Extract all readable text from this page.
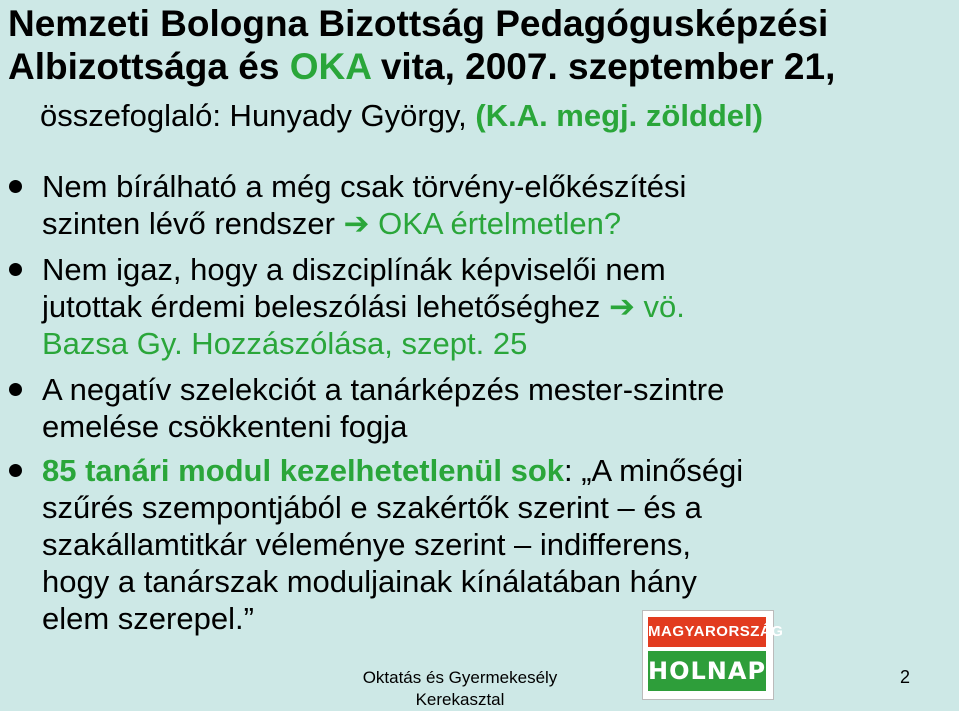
Nemzeti Bologna Bizottság Pedagógusképzési
Albizottsága és OKA vita, 2007. szeptember 21,
összefoglaló: Hunyady György, (K.A. megj. zölddel)
Nem bírálható a még csak törvény-előkészítési
szinten lévő rendszer ➔ OKA értelmetlen?
Nem igaz, hogy a diszciplínák képviselői nem
jutottak érdemi beleszólási lehetőséghez ➔ vö.
Bazsa Gy. Hozzászólása, szept. 25
A negatív szelekciót a tanárképzés mester-szintre
emelése csökkenteni fogja
85 tanári modul kezelhetetlenül sok: „A minőségi
szűrés szempontjából e szakértők szerint – és a
szakállamtitkár véleménye szerint – indifferens,
hogy a tanárszak moduljainak kínálatában hány
elem szerepel.”	MAGYARORSZÁG
HOLNAP
Oktatás és Gyermekesély
Kerekasztal
2
